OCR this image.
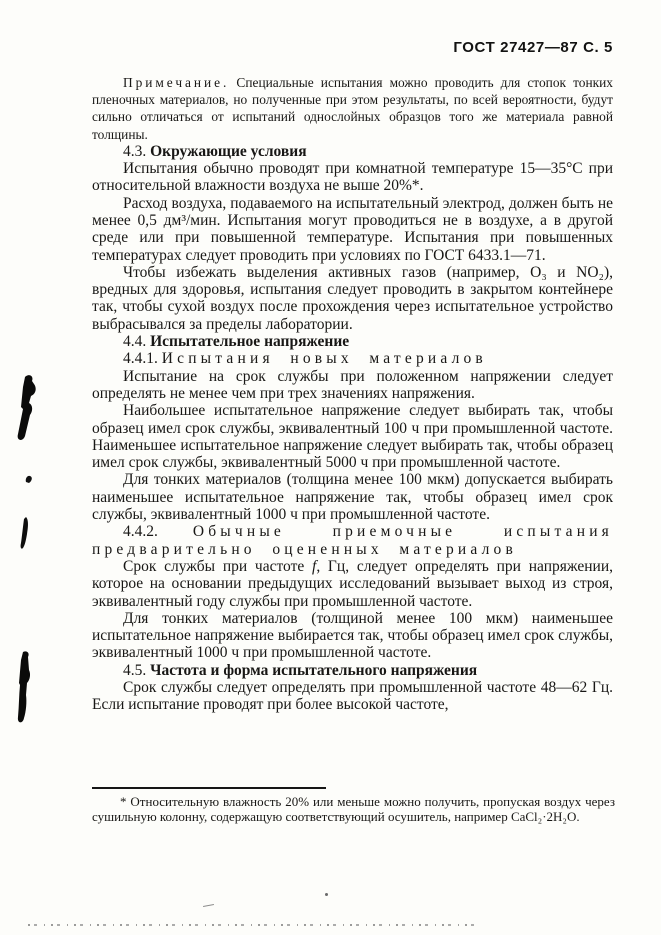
ГОСТ 27427—87 С. 5

Примечание. Специальные испытания можно проводить для стопок тонких пленочных материалов, но полученные при этом результаты, по всей вероятности, будут сильно отличаться от испытаний однослойных образцов того же материала равной толщины.

4.3. Окружающие условия

Испытания обычно проводят при комнатной температуре 15—35°С при относительной влажности воздуха не выше 20%*.

Расход воздуха, подаваемого на испытательный электрод, должен быть не менее 0,5 дм³/мин. Испытания могут проводиться не в воздухе, а в другой среде или при повышенной температуре. Испытания при повышенных температурах следует проводить при условиях по ГОСТ 6433.1—71.

Чтобы избежать выделения активных газов (например, О₃ и NO₂), вредных для здоровья, испытания следует проводить в закрытом контейнере так, чтобы сухой воздух после прохождения через испытательное устройство выбрасывался за пределы лаборатории.

4.4. Испытательное напряжение

4.4.1. Испытания новых материалов

Испытание на срок службы при положенном напряжении следует определять не менее чем при трех значениях напряжения.

Наибольшее испытательное напряжение следует выбирать так, чтобы образец имел срок службы, эквивалентный 100 ч при промышленной частоте. Наименьшее испытательное напряжение следует выбирать так, чтобы образец имел срок службы, эквивалентный 5000 ч при промышленной частоте.

Для тонких материалов (толщина менее 100 мкм) допускается выбирать наименьшее испытательное напряжение так, чтобы образец имел срок службы, эквивалентный 1000 ч при промышленной частоте.

4.4.2. Обычные приемочные испытания предварительно оцененных материалов

Срок службы при частоте f, Гц, следует определять при напряжении, которое на основании предыдущих исследований вызывает выход из строя, эквивалентный году службы при промышленной частоте.

Для тонких материалов (толщиной менее 100 мкм) наименьшее испытательное напряжение выбирается так, чтобы образец имел срок службы, эквивалентный 1000 ч при промышленной частоте.

4.5. Частота и форма испытательного напряжения

Срок службы следует определять при промышленной частоте 48—62 Гц. Если испытание проводят при более высокой частоте,

* Относительную влажность 20% или меньше можно получить, пропуская воздух через сушильную колонну, содержащую соответствующий осушитель, например CaCl₂·2H₂O.
